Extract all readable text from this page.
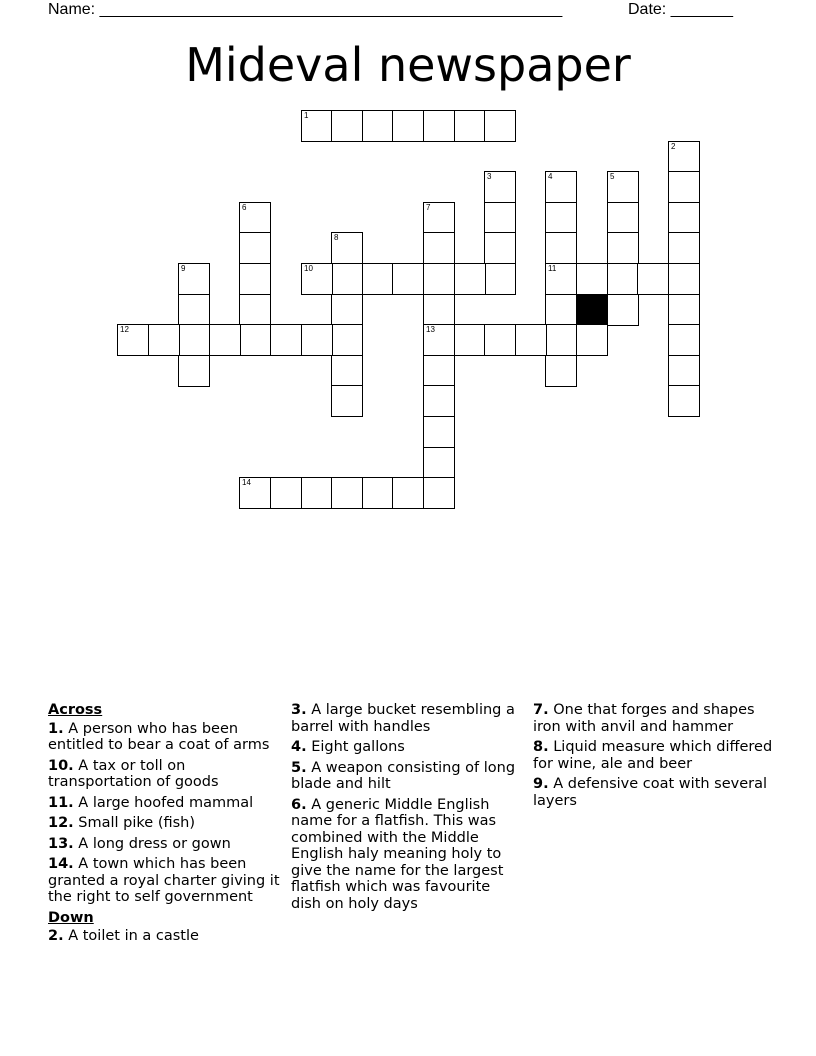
Name: ____________________________________________________	Date: _______
Mideval newspaper
1
2
3	4
11
5
6	7
13
8
9	10
12
14
Across
1. A person who has been entitled to bear a coat of arms
10. A tax or toll on transportation of goods
11. A large hoofed mammal
12. Small pike (fish)
13. A long dress or gown
14. A town which has been granted a royal charter giving it the right to self government
Down
2. A toilet in a castle
3. A large bucket resembling a barrel with handles
4. Eight gallons
5. A weapon consisting of long blade and hilt
6. A generic Middle English name for a flatfish. This was combined with the Middle English haly meaning holy to give the name for the largest flatfish which was favourite dish on holy days
7. One that forges and shapes iron with anvil and hammer
8. Liquid measure which differed for wine, ale and beer
9. A defensive coat with several layers
